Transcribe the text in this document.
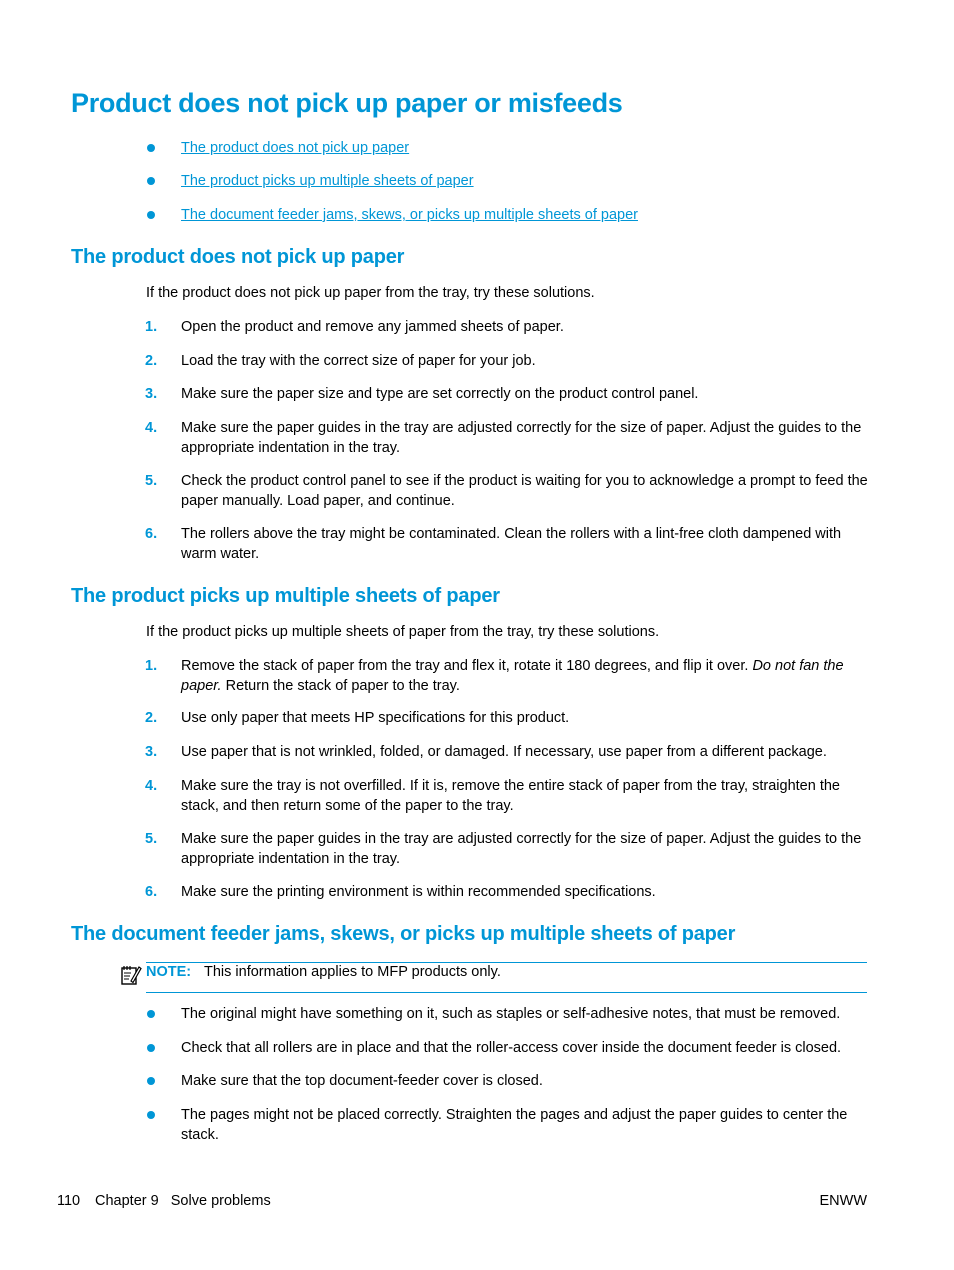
Product does not pick up paper or misfeeds
The product does not pick up paper
The product picks up multiple sheets of paper
The document feeder jams, skews, or picks up multiple sheets of paper
The product does not pick up paper
If the product does not pick up paper from the tray, try these solutions.
1. Open the product and remove any jammed sheets of paper.
2. Load the tray with the correct size of paper for your job.
3. Make sure the paper size and type are set correctly on the product control panel.
4. Make sure the paper guides in the tray are adjusted correctly for the size of paper. Adjust the guides to the appropriate indentation in the tray.
5. Check the product control panel to see if the product is waiting for you to acknowledge a prompt to feed the paper manually. Load paper, and continue.
6. The rollers above the tray might be contaminated. Clean the rollers with a lint-free cloth dampened with warm water.
The product picks up multiple sheets of paper
If the product picks up multiple sheets of paper from the tray, try these solutions.
1. Remove the stack of paper from the tray and flex it, rotate it 180 degrees, and flip it over. Do not fan the paper. Return the stack of paper to the tray.
2. Use only paper that meets HP specifications for this product.
3. Use paper that is not wrinkled, folded, or damaged. If necessary, use paper from a different package.
4. Make sure the tray is not overfilled. If it is, remove the entire stack of paper from the tray, straighten the stack, and then return some of the paper to the tray.
5. Make sure the paper guides in the tray are adjusted correctly for the size of paper. Adjust the guides to the appropriate indentation in the tray.
6. Make sure the printing environment is within recommended specifications.
The document feeder jams, skews, or picks up multiple sheets of paper
NOTE: This information applies to MFP products only.
The original might have something on it, such as staples or self-adhesive notes, that must be removed.
Check that all rollers are in place and that the roller-access cover inside the document feeder is closed.
Make sure that the top document-feeder cover is closed.
The pages might not be placed correctly. Straighten the pages and adjust the paper guides to center the stack.
110 Chapter 9   Solve problems	ENWW
